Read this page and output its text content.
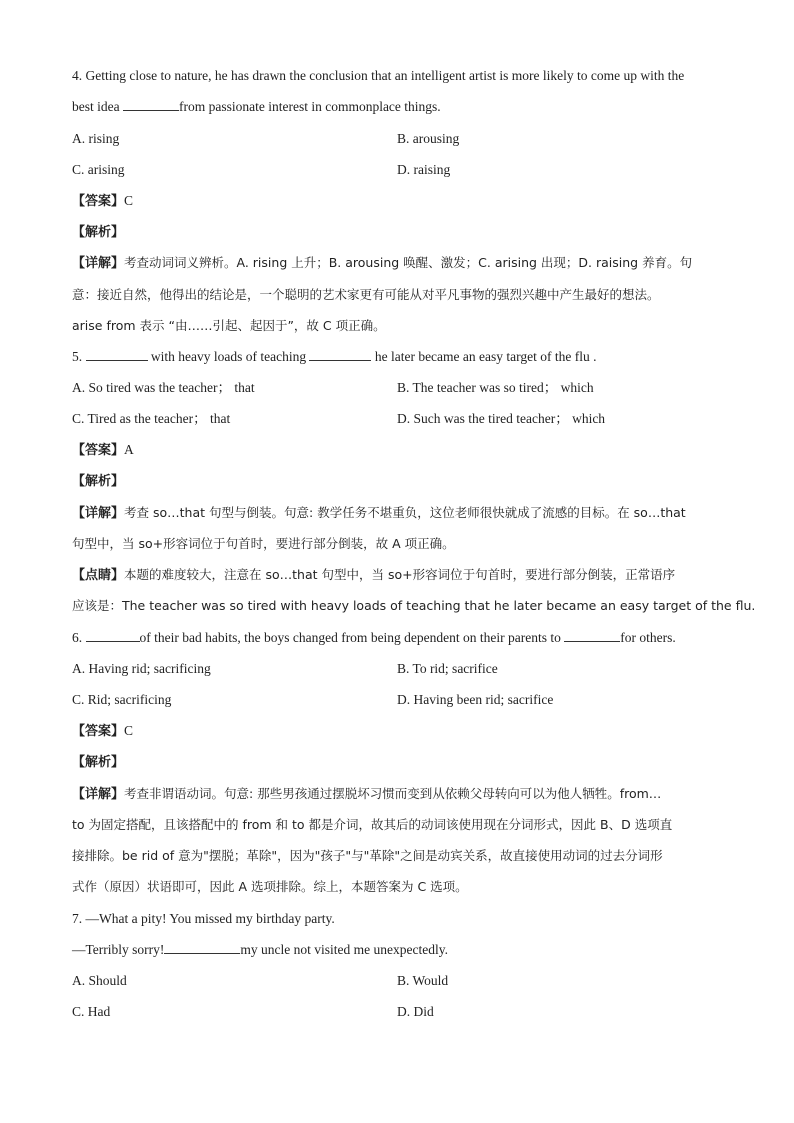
4. Getting close to nature, he has drawn the conclusion that an intelligent artist is more likely to come up with the
best idea	from passionate interest in commonplace things.
A. rising	B. arousing
C. arising	D. raising
【答案】C
【解析】
【详解】考查动词词义辨析。A. rising 上升；B. arousing 唤醒、激发；C. arising 出现；D. raising 养育。句
意：接近自然，他得出的结论是，一个聪明的艺术家更有可能从对平凡事物的强烈兴趣中产生最好的想法。
arise from 表示 “由……引起、起因于”，故 C 项正确。
5.	with heavy loads of teaching	he later became an easy target of the flu .
A. So tired was the teacher； that	B. The teacher was so tired； which
C. Tired as the teacher； that	D. Such was the tired teacher； which
【答案】A
【解析】
【详解】考查 so…that 句型与倒装。句意: 教学任务不堪重负，这位老师很快就成了流感的目标。在 so…that
句型中，当 so+形容词位于句首时，要进行部分倒装，故 A 项正确。
【点睛】本题的难度较大，注意在 so…that 句型中，当 so+形容词位于句首时，要进行部分倒装，正常语序
应该是：The teacher was so tired with heavy loads of teaching that he later became an easy target of the flu.
6.	of their bad habits, the boys changed from being dependent on their parents to	for others.
A. Having rid; sacrificing	B. To rid; sacrifice
C. Rid; sacrificing	D. Having been rid; sacrifice
【答案】C
【解析】
【详解】考查非谓语动词。句意: 那些男孩通过摆脱坏习惯而变到从依赖父母转向可以为他人牺牲。from…
to 为固定搭配，且该搭配中的 from 和 to 都是介词，故其后的动词该使用现在分词形式，因此 B、D 选项直
接排除。be rid of 意为"摆脱；革除"，因为"孩子"与"革除"之间是动宾关系，故直接使用动词的过去分词形
式作（原因）状语即可，因此 A 选项排除。综上，本题答案为 C 选项。
7. —What a pity! You missed my birthday party.
—Terribly sorry!	my uncle not visited me unexpectedly.
A. Should	B. Would
C. Had	D. Did
